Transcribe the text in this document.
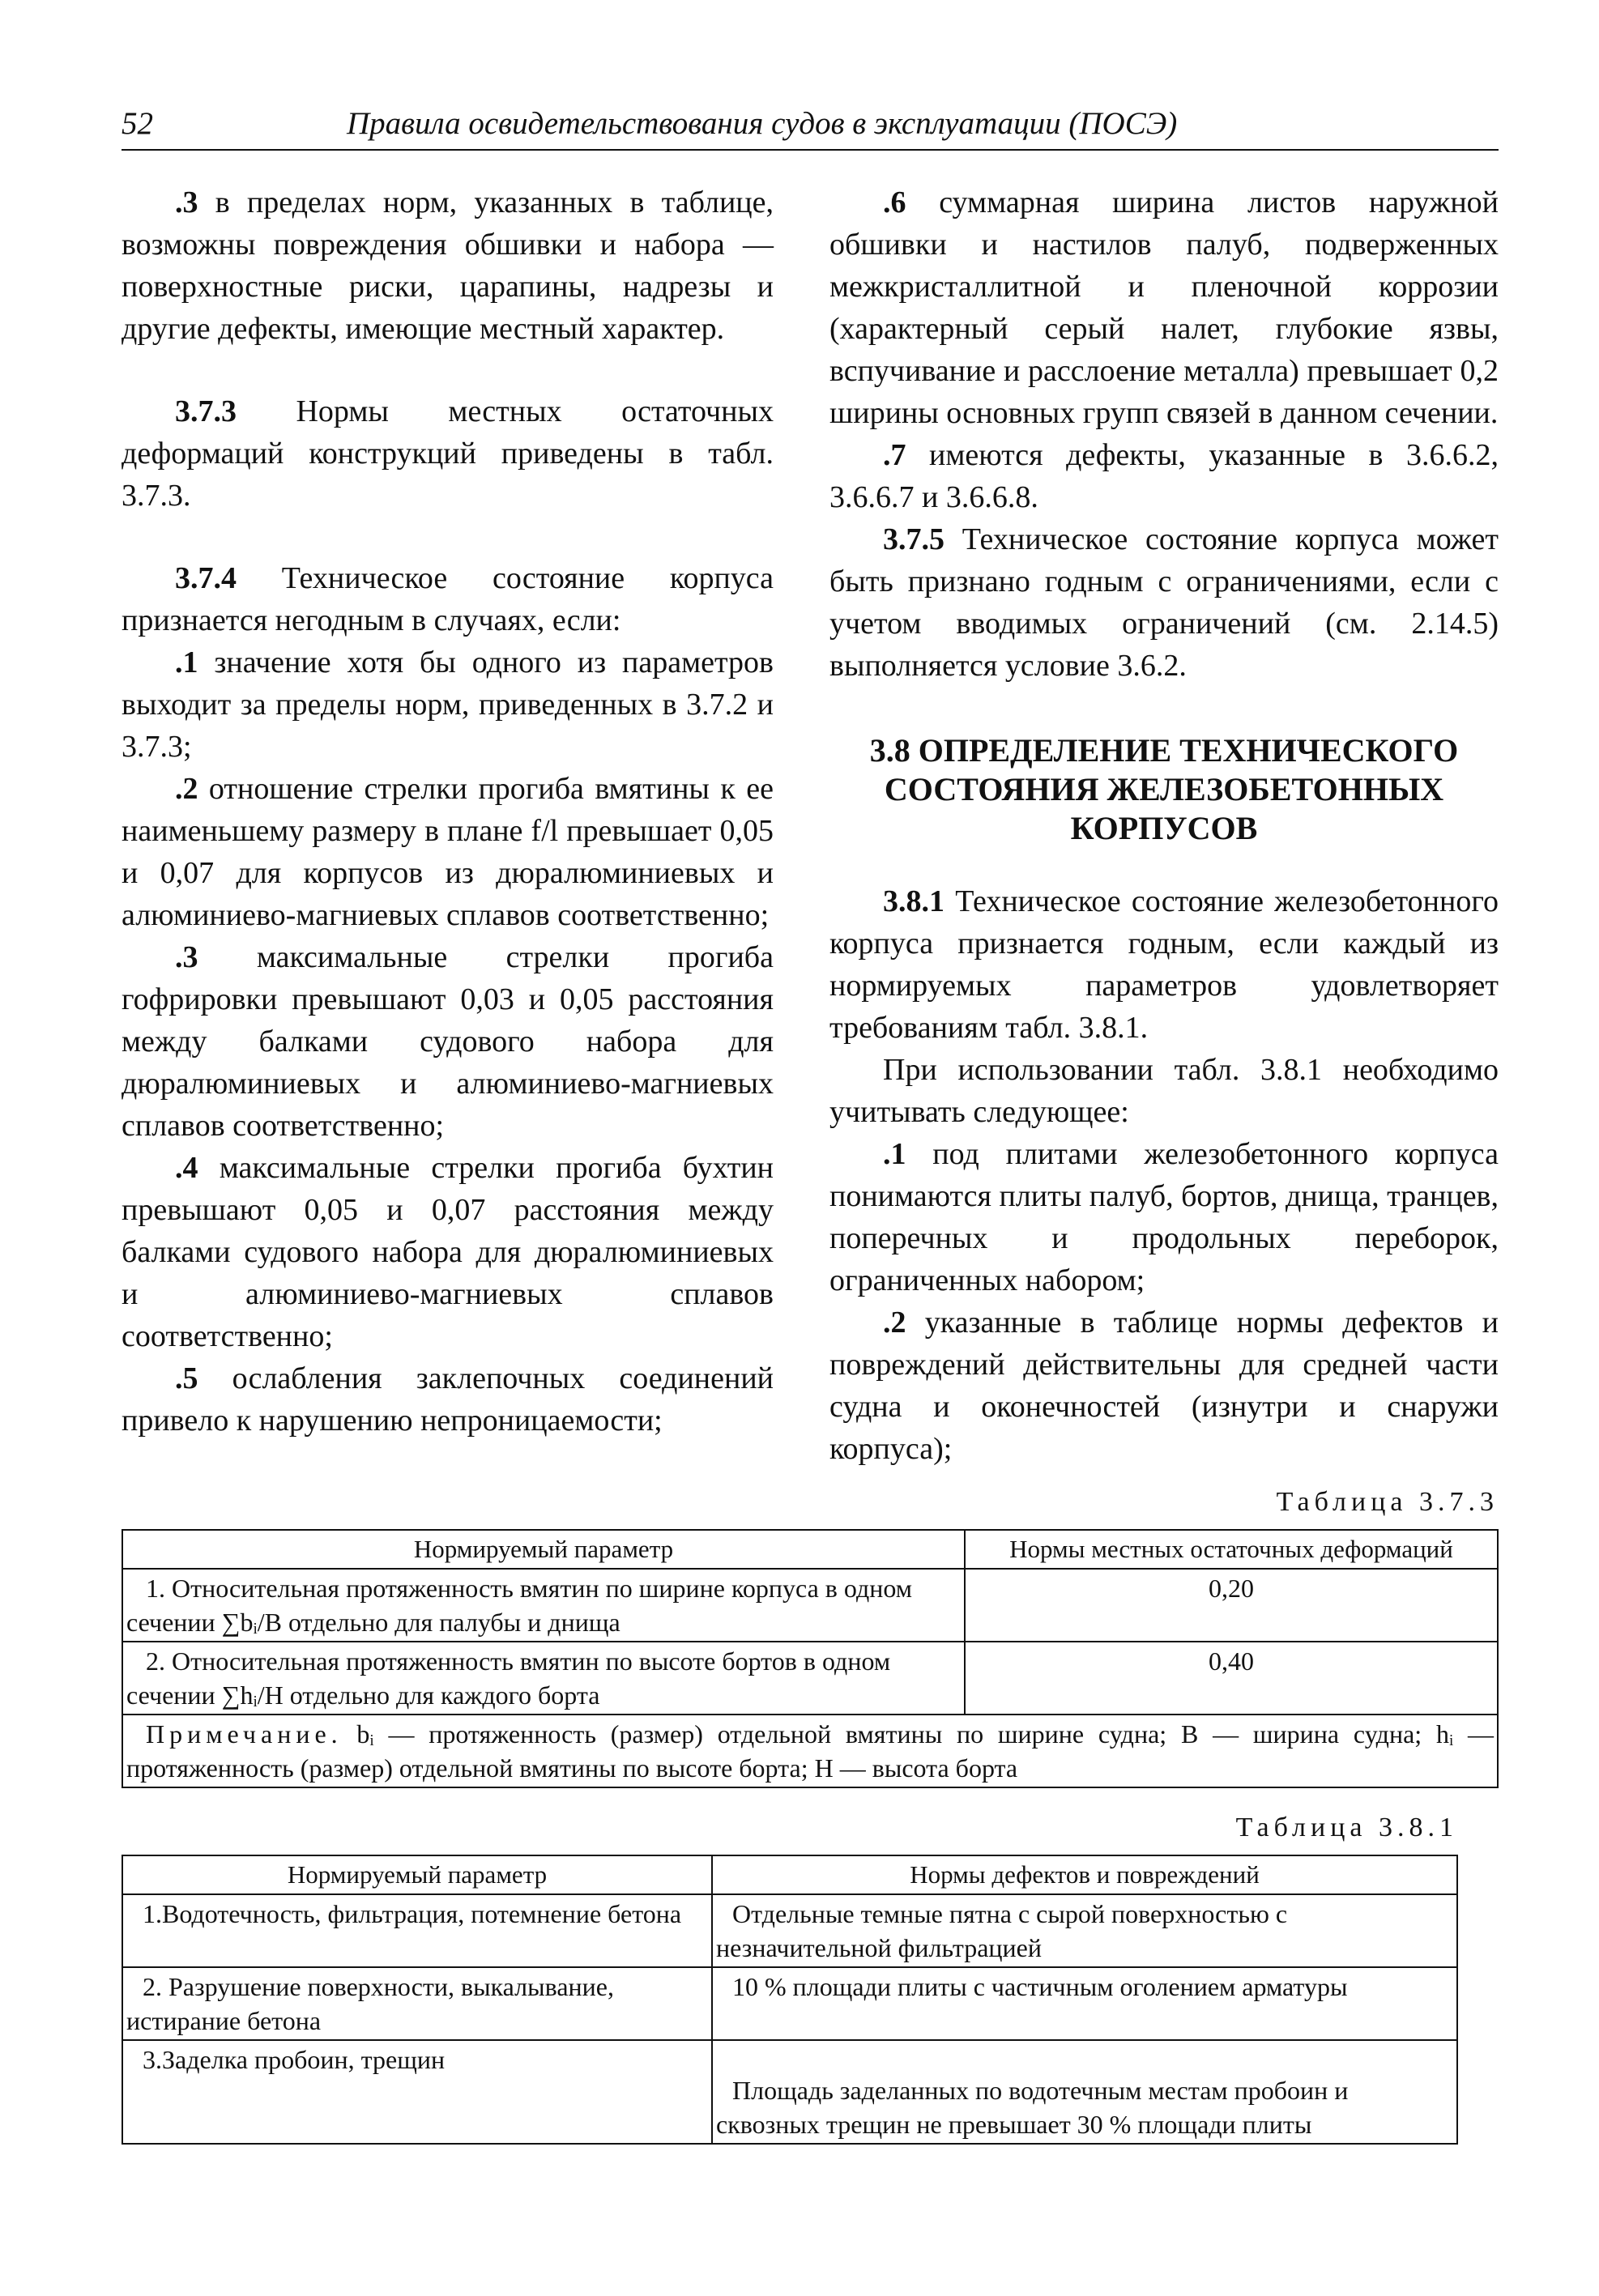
52	Правила освидетельствования судов в эксплуатации (ПОСЭ)

.3 в пределах норм, указанных в таблице, возможны повреждения обшивки и набора — поверхностные риски, царапины, надрезы и другие дефекты, имеющие местный характер.

3.7.3 Нормы местных остаточных деформаций конструкций приведены в табл. 3.7.3.

3.7.4 Техническое состояние корпуса признается негодным в случаях, если:

.1 значение хотя бы одного из параметров выходит за пределы норм, приведенных в 3.7.2 и 3.7.3;

.2 отношение стрелки прогиба вмятины к ее наименьшему размеру в плане f/l превышает 0,05 и 0,07 для корпусов из дюралюминиевых и алюминиево-магниевых сплавов соответственно;

.3 максимальные стрелки прогиба гофрировки превышают 0,03 и 0,05 расстояния между балками судового набора для дюралюминиевых и алюминиево-магниевых сплавов соответственно;

.4 максимальные стрелки прогиба бухтин превышают 0,05 и 0,07 расстояния между балками судового набора для дюралюминиевых и алюминиево-магниевых сплавов соответственно;

.5 ослабления заклепочных соединений привело к нарушению непроницаемости;

.6 суммарная ширина листов наружной обшивки и настилов палуб, подверженных межкристаллитной и пленочной коррозии (характерный серый налет, глубокие язвы, вспучивание и расслоение металла) превышает 0,2 ширины основных групп связей в данном сечении.

.7 имеются дефекты, указанные в 3.6.6.2, 3.6.6.7 и 3.6.6.8.

3.7.5 Техническое состояние корпуса может быть признано годным с ограничениями, если с учетом вводимых ограничений (см. 2.14.5) выполняется условие 3.6.2.

3.8 ОПРЕДЕЛЕНИЕ ТЕХНИЧЕСКОГО СОСТОЯНИЯ ЖЕЛЕЗОБЕТОННЫХ КОРПУСОВ

3.8.1 Техническое состояние железобетонного корпуса признается годным, если каждый из нормируемых параметров удовлетворяет требованиям табл. 3.8.1.

При использовании табл. 3.8.1 необходимо учитывать следующее:

.1 под плитами железобетонного корпуса понимаются плиты палуб, бортов, днища, транцев, поперечных и продольных переборок, ограниченных набором;

.2 указанные в таблице нормы дефектов и повреждений действительны для средней части судна и оконечностей (изнутри и снаружи корпуса);

Таблица 3.7.3
Нормируемый параметр	Нормы местных остаточных деформаций
1. Относительная протяженность вмятин по ширине корпуса в одном сечении ∑bᵢ/B отдельно для палубы и днища	0,20
2. Относительная протяженность вмятин по высоте бортов в одном сечении ∑hᵢ/H отдельно для каждого борта	0,40
Примечание. bᵢ — протяженность (размер) отдельной вмятины по ширине судна; B — ширина судна; hᵢ — протяженность (размер) отдельной вмятины по высоте борта; H — высота борта	
Таблица 3.8.1
Нормируемый параметр	Нормы дефектов и повреждений
1.Водотечность, фильтрация, потемнение бетона	Отдельные темные пятна с сырой поверхностью с незначительной фильтрацией
2. Разрушение поверхности, выкалывание, истирание бетона	10 % площади плиты с частичным оголением арматуры
3.Заделка пробоин, трещин	Площадь заделанных по водотечным местам пробоин и сквозных трещин не превышает 30 % площади плиты
